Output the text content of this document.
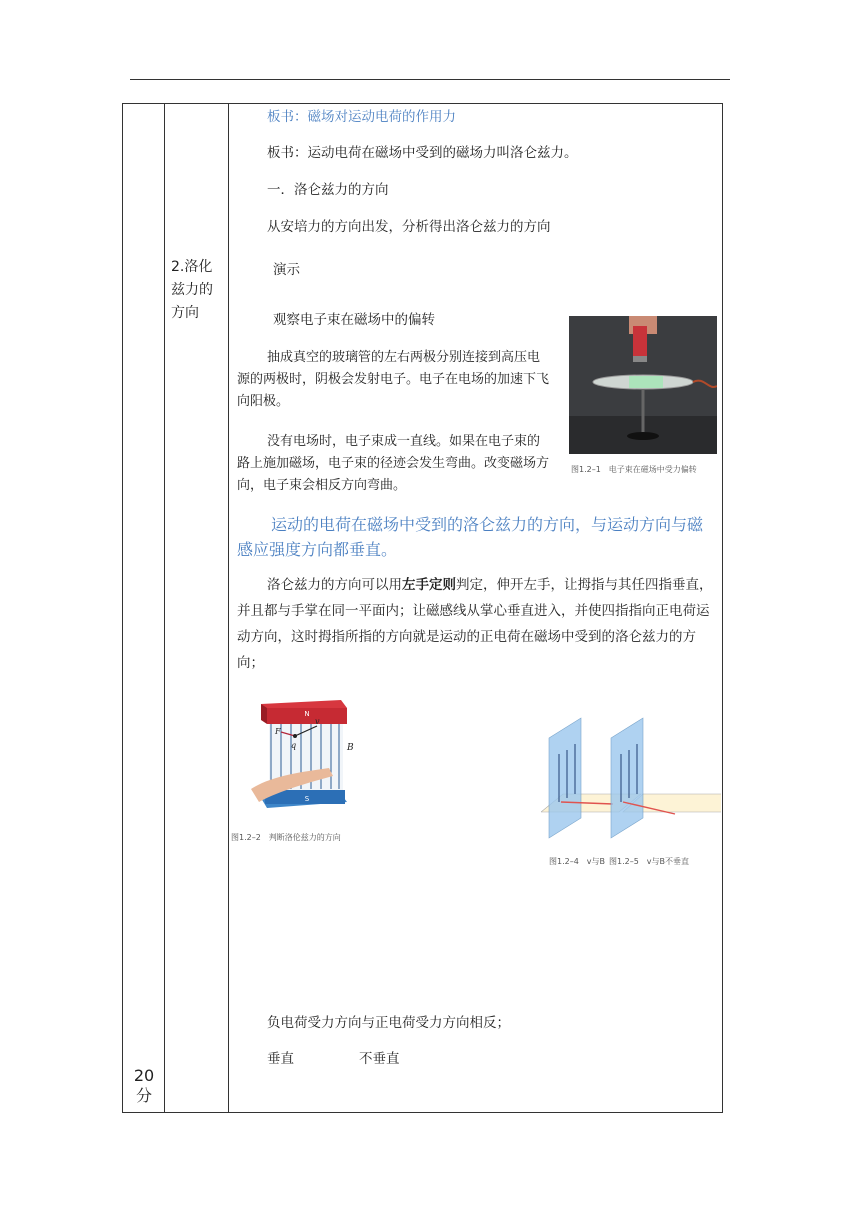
20
分
2.洛化
兹力的
方向
板书：磁场对运动电荷的作用力
板书：运动电荷在磁场中受到的磁场力叫洛仑兹力。
一．洛仑兹力的方向
从安培力的方向出发，分析得出洛仑兹力的方向
演示
观察电子束在磁场中的偏转
抽成真空的玻璃管的左右两极分别连接到高压电源的两极时，阴极会发射电子。电子在电场的加速下飞向阳极。
没有电场时，电子束成一直线。如果在电子束的路上施加磁场，电子束的径迹会发生弯曲。改变磁场方向，电子束会相反方向弯曲。
图1.2–1　电子束在磁场中受力偏转
运动的电荷在磁场中受到的洛仑兹力的方向，与运动方向与磁感应强度方向都垂直。
洛仑兹力的方向可以用左手定则判定，伸开左手，让拇指与其任四指垂直，并且都与手掌在同一平面内；让磁感线从掌心垂直进入，并使四指指向正电荷运动方向，这时拇指所指的方向就是运动的正电荷在磁场中受到的洛仑兹力的方向；
N
S
F
q
v
B
图1.2–2　判断洛伦兹力的方向
图1.2–4　v与B 图1.2–5　v与B不垂直
负电荷受力方向与正电荷受力方向相反；
垂直	不垂直
